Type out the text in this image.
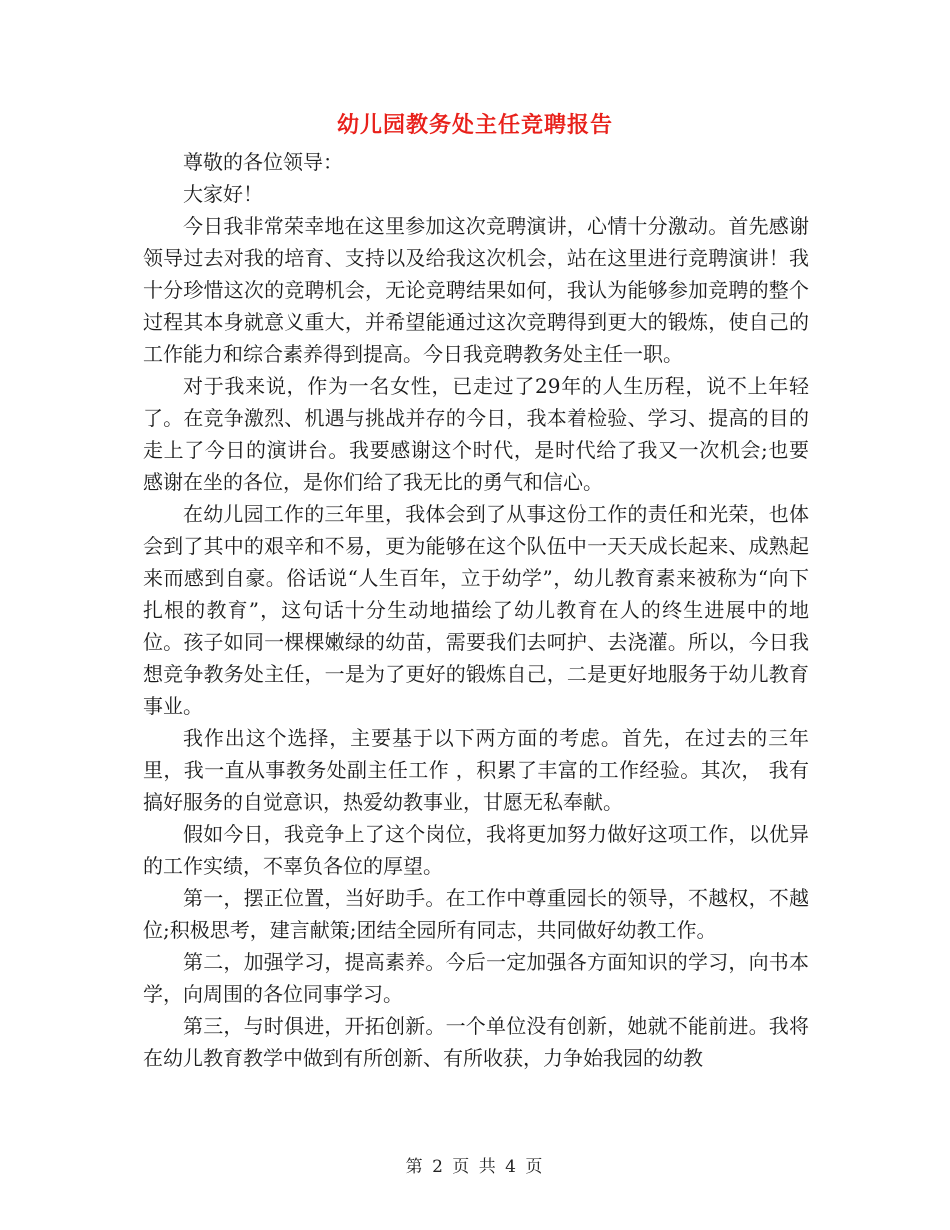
幼儿园教务处主任竞聘报告

尊敬的各位领导：

大家好！

今日我非常荣幸地在这里参加这次竞聘演讲，心情十分激动。首先感谢领导过去对我的培育、支持以及给我这次机会，站在这里进行竞聘演讲！我十分珍惜这次的竞聘机会，无论竞聘结果如何，我认为能够参加竞聘的整个过程其本身就意义重大，并希望能通过这次竞聘得到更大的锻炼，使自己的工作能力和综合素养得到提高。今日我竞聘教务处主任一职。

对于我来说，作为一名女性，已走过了29年的人生历程，说不上年轻了。在竞争激烈、机遇与挑战并存的今日，我本着检验、学习、提高的目的走上了今日的演讲台。我要感谢这个时代，是时代给了我又一次机会;也要感谢在坐的各位，是你们给了我无比的勇气和信心。

在幼儿园工作的三年里，我体会到了从事这份工作的责任和光荣，也体会到了其中的艰辛和不易，更为能够在这个队伍中一天天成长起来、成熟起来而感到自豪。俗话说“人生百年，立于幼学”，幼儿教育素来被称为“向下扎根的教育”，这句话十分生动地描绘了幼儿教育在人的终生进展中的地位。孩子如同一棵棵嫩绿的幼苗，需要我们去呵护、去浇灌。所以，今日我想竞争教务处主任，一是为了更好的锻炼自己，二是更好地服务于幼儿教育事业。

我作出这个选择，主要基于以下两方面的考虑。首先，在过去的三年里，我一直从事教务处副主任工作 ，积累了丰富的工作经验。其次， 我有搞好服务的自觉意识，热爱幼教事业，甘愿无私奉献。

假如今日，我竞争上了这个岗位，我将更加努力做好这项工作，以优异的工作实绩，不辜负各位的厚望。

第一，摆正位置，当好助手。在工作中尊重园长的领导，不越权，不越位;积极思考，建言献策;团结全园所有同志，共同做好幼教工作。

第二，加强学习，提高素养。今后一定加强各方面知识的学习，向书本学，向周围的各位同事学习。

第三，与时俱进，开拓创新。一个单位没有创新，她就不能前进。我将在幼儿教育教学中做到有所创新、有所收获，力争始我园的幼教

第 2 页 共 4 页
